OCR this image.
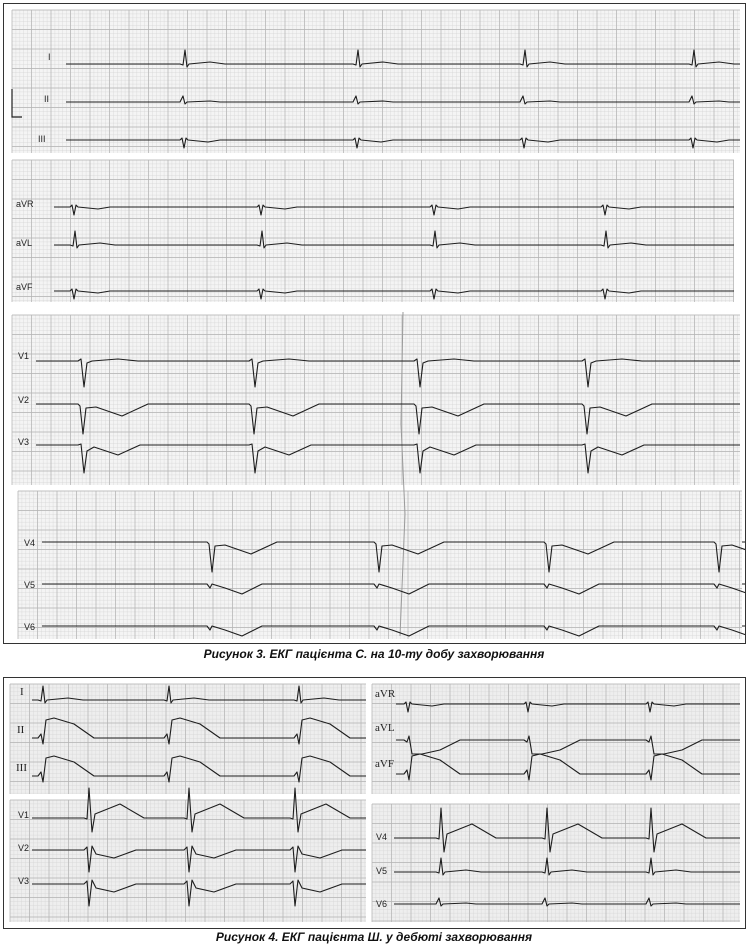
I
II
III
aVR
aVL
aVF
V1
V2
V3
V4
V5
V6
Рисунок 3. ЕКГ пацієнта С. на 10-ту добу захворювання
I
II
III
aVR
aVL
aVF
V1
V2
V3
V4
V5
V6
Рисунок 4. ЕКГ пацієнта Ш. у дебюті захворювання
